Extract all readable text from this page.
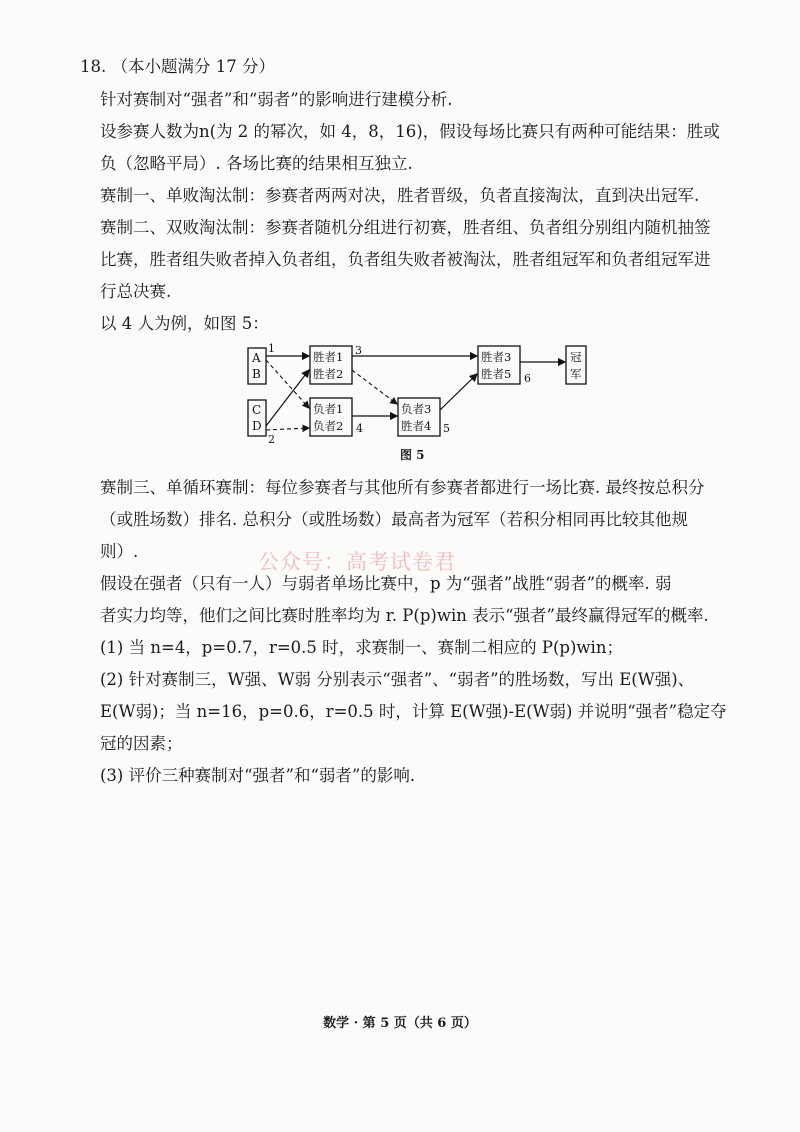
18. （本小题满分 17 分）
针对赛制对“强者”和“弱者”的影响进行建模分析.
设参赛人数为n(为 2 的幂次，如 4，8，16)，假设每场比赛只有两种可能结果：胜或
负（忽略平局）. 各场比赛的结果相互独立.
赛制一、单败淘汰制：参赛者两两对决，胜者晋级，负者直接淘汰，直到决出冠军.
赛制二、双败淘汰制：参赛者随机分组进行初赛，胜者组、负者组分别组内随机抽签
比赛，胜者组失败者掉入负者组，负者组失败者被淘汰，胜者组冠军和负者组冠军进
行总决赛.
以 4 人为例，如图 5：
A
B
C
D
胜者1
胜者2
负者1
负者2
负者3
胜者4
胜者3
胜者5
冠
军
1
2
3
4	5
6
图 5
赛制三、单循环赛制：每位参赛者与其他所有参赛者都进行一场比赛. 最终按总积分
（或胜场数）排名. 总积分（或胜场数）最高者为冠军（若积分相同再比较其他规
则）.	公众号：高考试卷君
假设在强者（只有一人）与弱者单场比赛中，p 为“强者”战胜“弱者”的概率. 弱
者实力均等，他们之间比赛时胜率均为 r. P(p)win 表示“强者”最终赢得冠军的概率.
(1) 当 n=4，p=0.7，r=0.5 时，求赛制一、赛制二相应的 P(p)win；
(2) 针对赛制三，W强、W弱 分别表示“强者”、“弱者”的胜场数，写出 E(W强)、
E(W弱)；当 n=16，p=0.6，r=0.5 时，计算 E(W强)-E(W弱) 并说明“强者”稳定夺
冠的因素；
(3) 评价三种赛制对“强者”和“弱者”的影响.
数学 · 第 5 页（共 6 页）
